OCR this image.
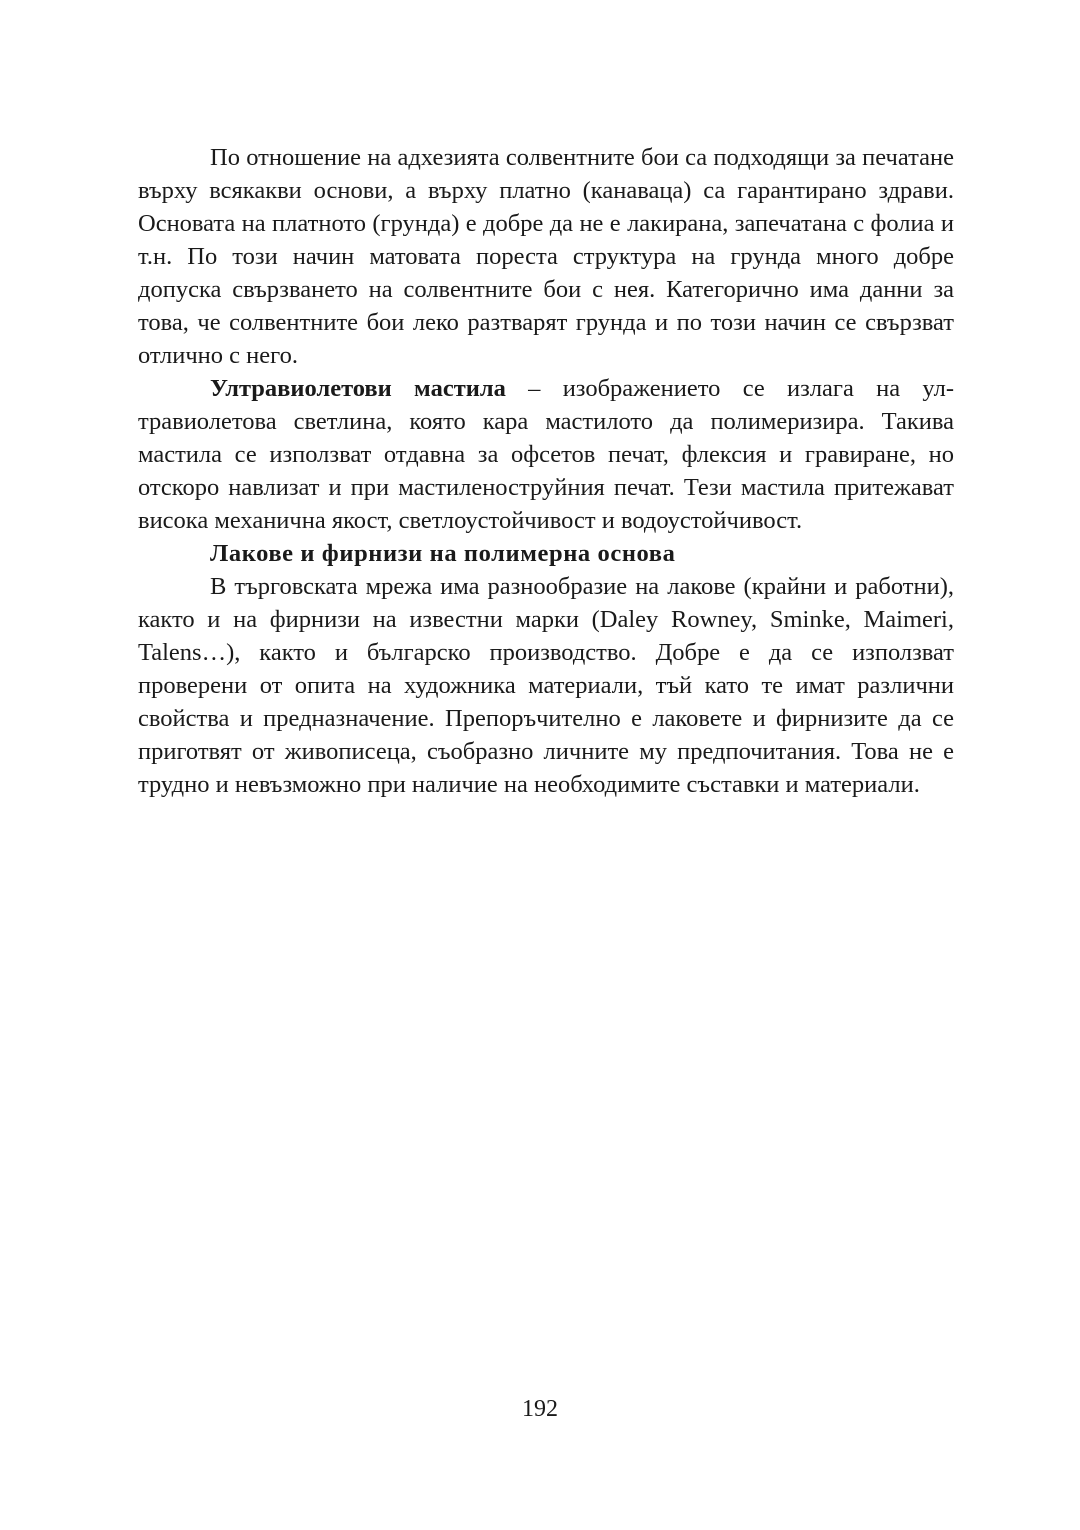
По отношение на адхезията солвентните бои са подходящи за печатане върху всякакви основи, а върху платно (канаваца) са гарантирано здрави. Основата на платното (грунда) е добре да не е лакирана, запечатана с фолиа и т.н. По този начин матовата пореста структура на грунда много добре допуска свързването на солвентните бои с нея. Категорично има данни за това, че солвентните бои леко разтварят грунда и по този начин се свързват отлично с него.

Ултравиолетови мастила – изображението се излага на ултравиолетова светлина, която кара мастилото да полимеризира. Такива мастила се използват отдавна за офсетов печат, флексия и гравиране, но отскоро навлизат и при мастиленоструйния печат. Тези мастила притежават висока механична якост, светлоустойчивост и водоустойчивост.

Лакове и фирнизи на полимерна основа

В търговската мрежа има разнообразие на лакове (крайни и работни), както и на фирнизи на известни марки (Daley Rowney, Sminke, Maimeri, Talens…), както и българско производство. Добре е да се използват проверени от опита на художника материали, тъй като те имат различни свойства и предназначение. Препоръчително е лаковете и фирнизите да се приготвят от живописеца, съобразно личните му предпочитания. Това не е трудно и невъзможно при наличие на необходимите съставки и материали.

192
